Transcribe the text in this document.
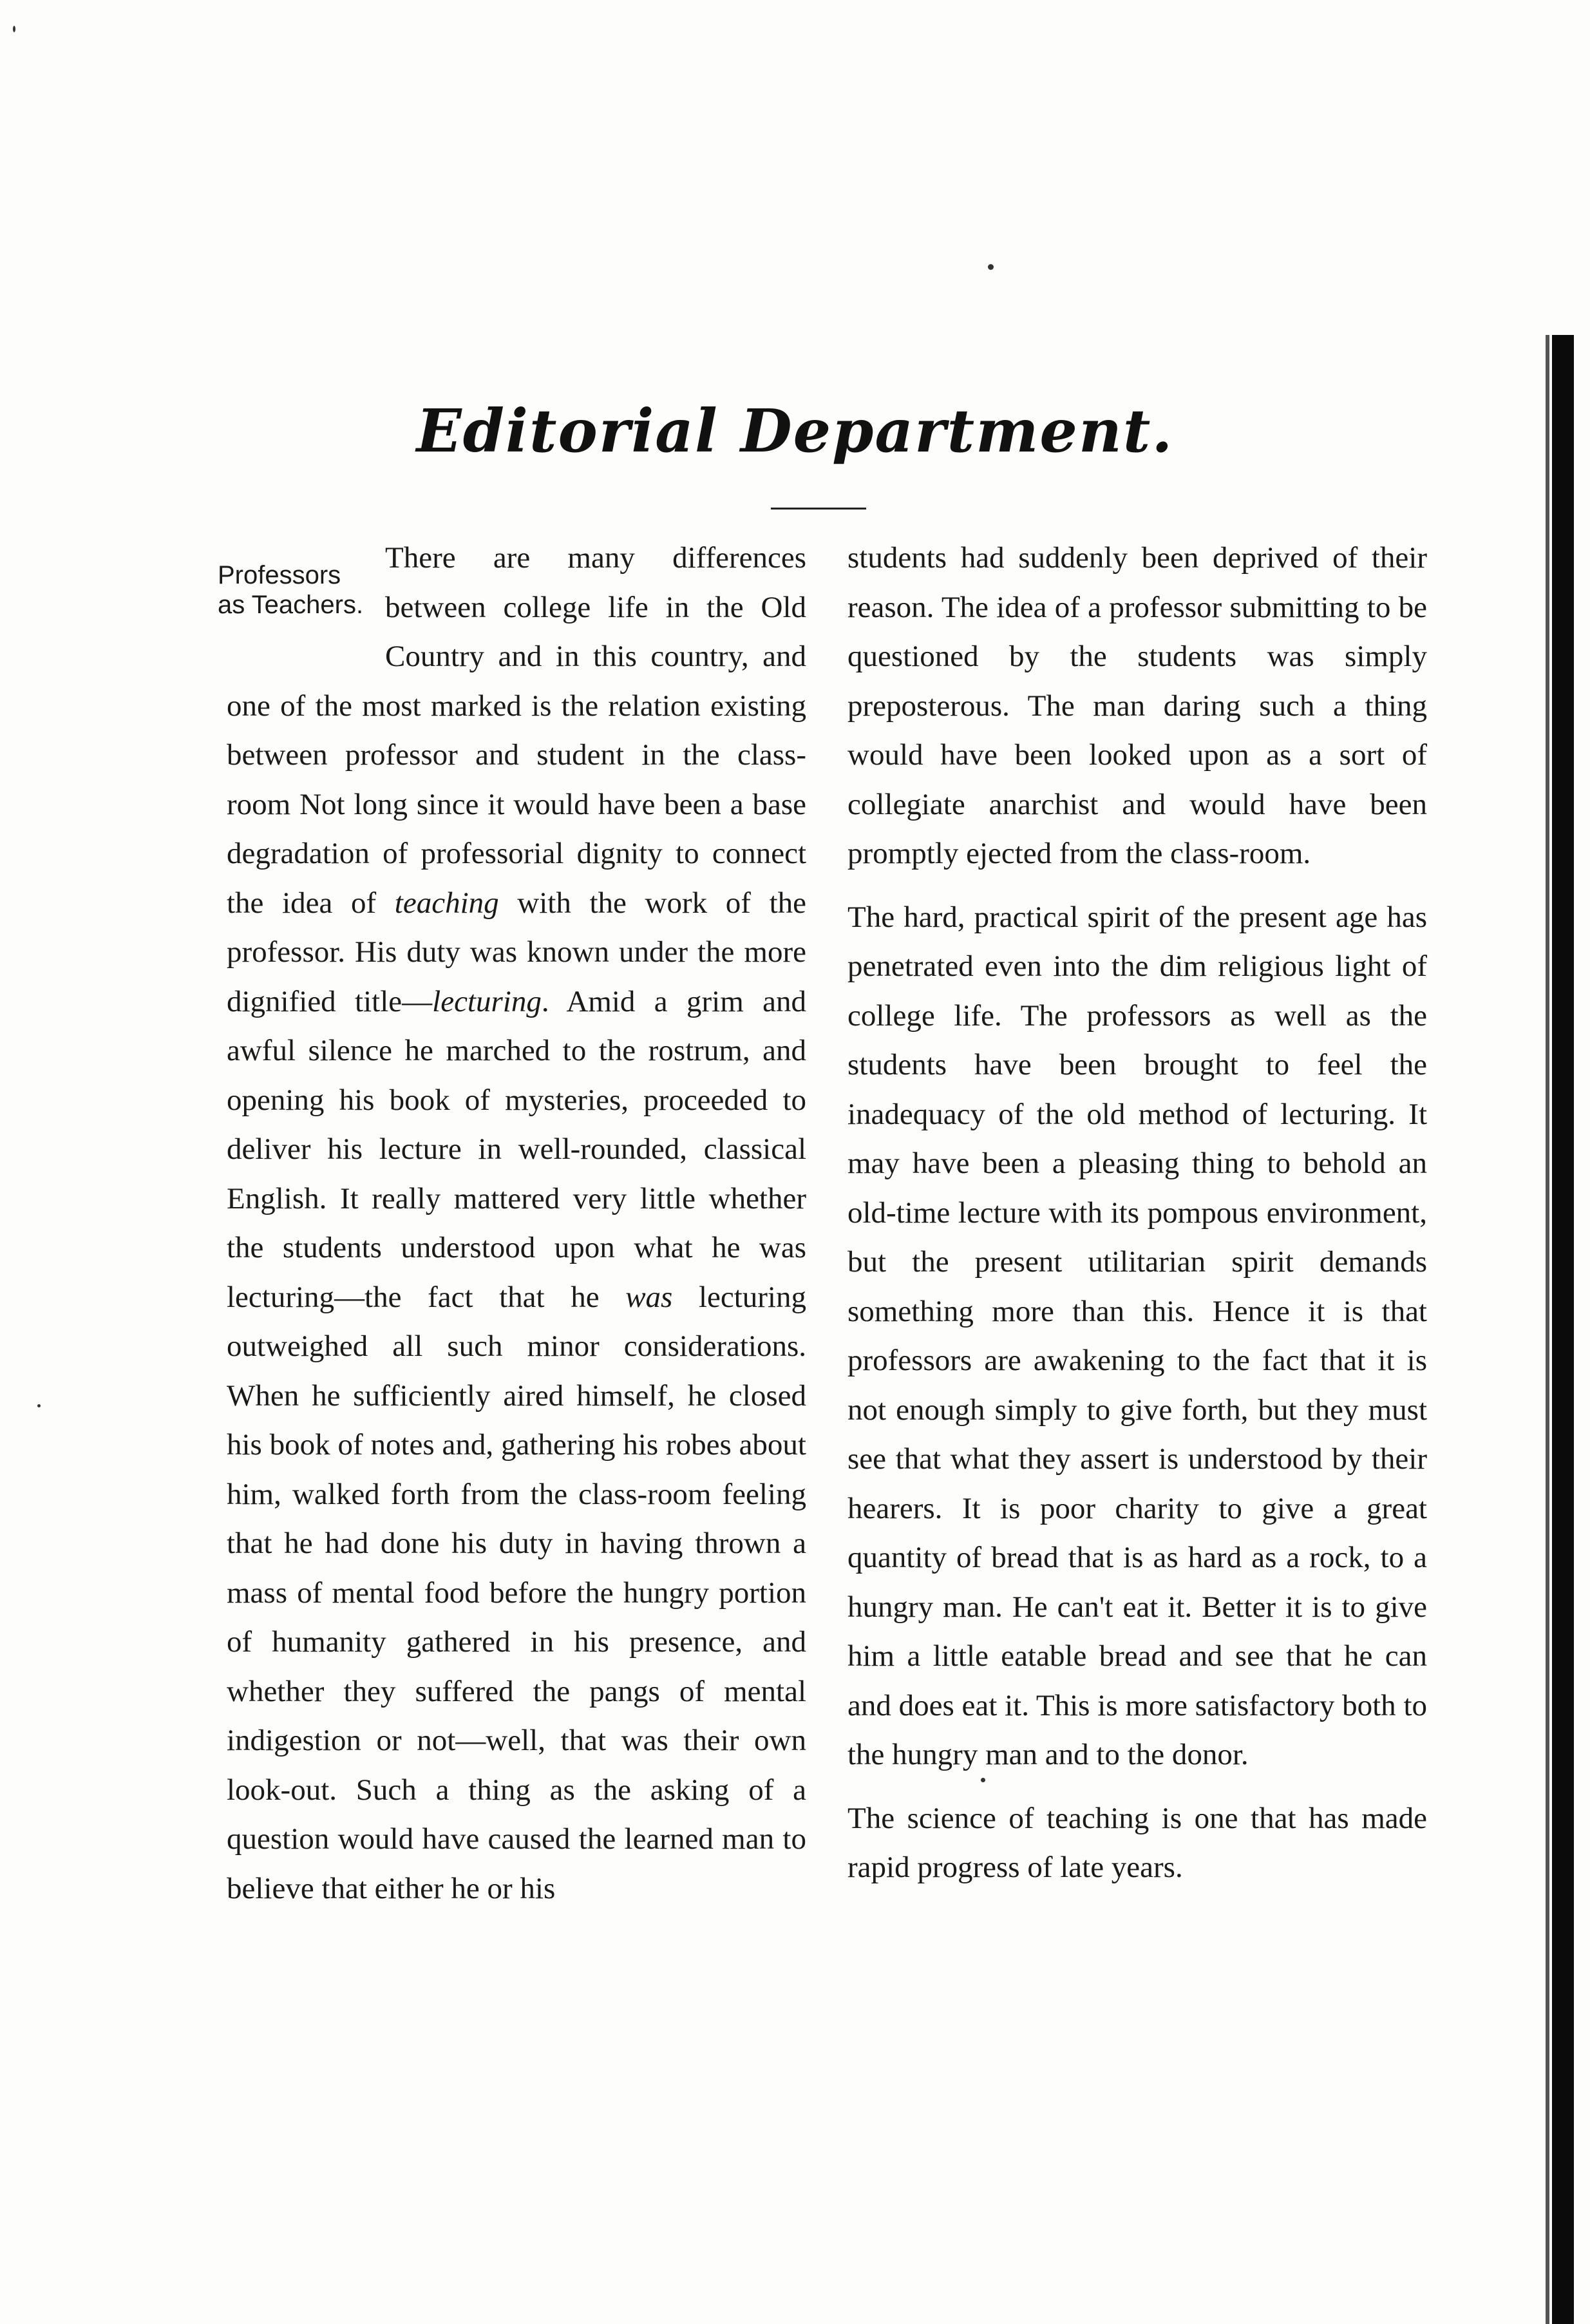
Editorial Department.
Professors
as Teachers.

There are many differences between college life in the Old Country and in this country, and one of the most marked is the relation existing between professor and student in the class-room Not long since it would have been a base degradation of professorial dignity to connect the idea of teaching with the work of the professor. His duty was known under the more dignified title—lecturing. Amid a grim and awful silence he marched to the rostrum, and opening his book of mysteries, proceeded to deliver his lecture in well-rounded, classical English. It really mattered very little whether the students understood upon what he was lecturing—the fact that he was lecturing outweighed all such minor considerations. When he sufficiently aired himself, he closed his book of notes and, gathering his robes about him, walked forth from the class-room feeling that he had done his duty in having thrown a mass of mental food before the hungry portion of humanity gathered in his presence, and whether they suffered the pangs of mental indigestion or not—well, that was their own look-out. Such a thing as the asking of a question would have caused the learned man to believe that either he or his

students had suddenly been deprived of their reason. The idea of a professor submitting to be questioned by the students was simply preposterous. The man daring such a thing would have been looked upon as a sort of collegiate anarchist and would have been promptly ejected from the class-room.

The hard, practical spirit of the present age has penetrated even into the dim religious light of college life. The professors as well as the students have been brought to feel the inadequacy of the old method of lecturing. It may have been a pleasing thing to behold an old-time lecture with its pompous environment, but the present utilitarian spirit demands something more than this. Hence it is that professors are awakening to the fact that it is not enough simply to give forth, but they must see that what they assert is understood by their hearers. It is poor charity to give a great quantity of bread that is as hard as a rock, to a hungry man. He can't eat it. Better it is to give him a little eatable bread and see that he can and does eat it. This is more satisfactory both to the hungry man and to the donor.

The science of teaching is one that has made rapid progress of late years.
